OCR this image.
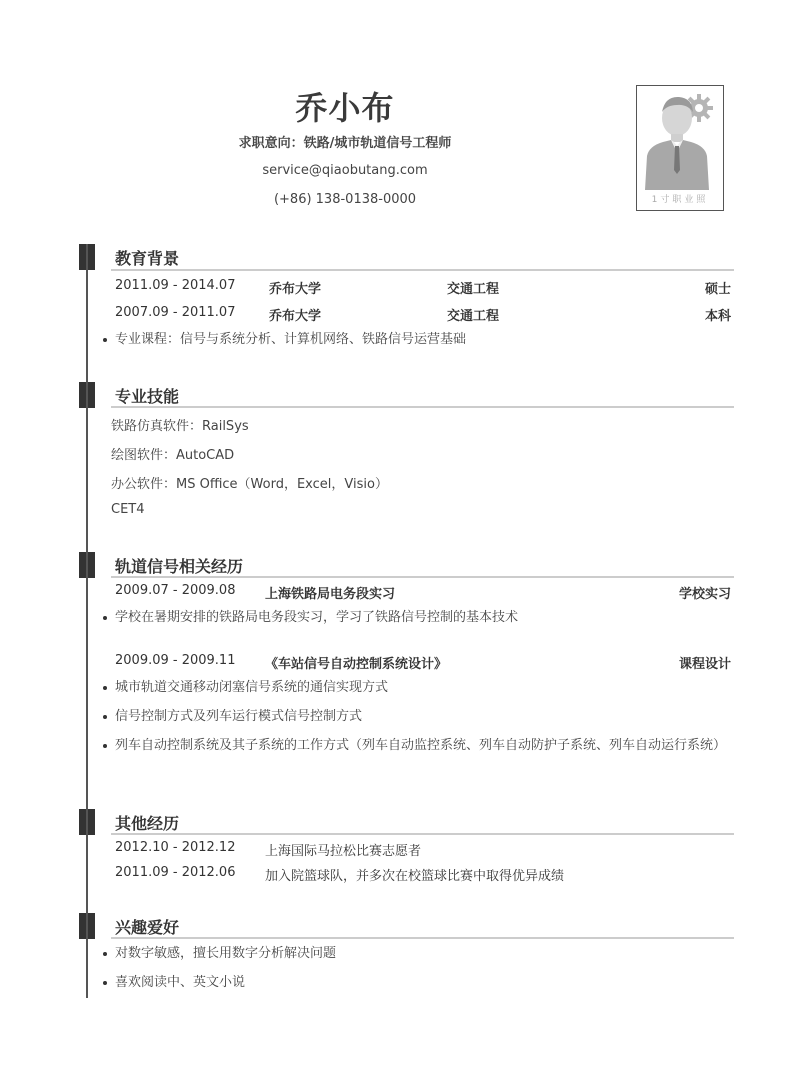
乔小布
求职意向：铁路/城市轨道信号工程师
service@qiaobutang.com
(+86) 138-0138-0000	1寸职业照
教育背景
2011.09 - 2014.07	乔布大学	交通工程	硕士
2007.09 - 2011.07	乔布大学	交通工程	本科
专业课程：信号与系统分析、计算机网络、铁路信号运营基础
专业技能
铁路仿真软件：RailSys
绘图软件：AutoCAD
办公软件：MS Office（Word，Excel，Visio）
CET4
轨道信号相关经历
2009.07 - 2009.08 上海铁路局电务段实习	学校实习
学校在暑期安排的铁路局电务段实习，学习了铁路信号控制的基本技术
2009.09 - 2009.11 《车站信号自动控制系统设计》	课程设计
城市轨道交通移动闭塞信号系统的通信实现方式
信号控制方式及列车运行模式信号控制方式
列车自动控制系统及其子系统的工作方式（列车自动监控系统、列车自动防护子系统、列车自动运行系统）
其他经历
2012.10 - 2012.12 上海国际马拉松比赛志愿者
2011.09 - 2012.06 加入院篮球队，并多次在校篮球比赛中取得优异成绩
兴趣爱好
对数字敏感，擅长用数字分析解决问题
喜欢阅读中、英文小说
